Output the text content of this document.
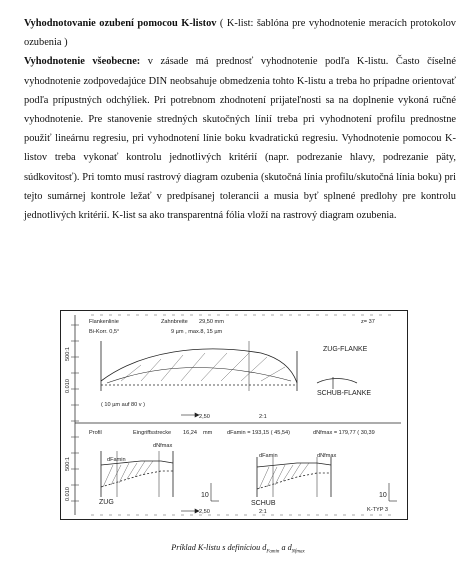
Vyhodnotovanie ozubení pomocou K-listov ( K-list: šablóna pre vyhodnotenie meracích protokolov ozubenia )

Vyhodnotenie všeobecne: v zásade má prednosť vyhodnotenie podľa K-listu. Často číselné vyhodnotenie zodpovedajúce DIN neobsahuje obmedzenia tohto K-listu a treba ho prípadne orientovať podľa prípustných odchýliek. Pri potrebnom zhodnotení prijateľnosti sa na doplnenie vykoná ručné vyhodnotenie. Pre stanovenie stredných skutočných línií treba pri vyhodnotení profilu prednostne použiť lineárnu regresiu, pri vyhodnotení línie boku kvadratickú regresiu. Vyhodnotenie pomocou K-listov treba vykonať kontrolu jednotlivých kritérií (napr. podrezanie hlavy, podrezanie päty, súdkovitosť). Pri tomto musí rastrový diagram ozubenia (skutočná línia profilu/skutočná línia boku) pri tejto sumárnej kontrole ležať v predpísanej tolerancii a musia byť splnené predlohy pre kontrolu jednotlivých kritérií. K-list sa ako transparentná fólia vloží na rastrový diagram ozubenia.

Flankenlinie	Zahnbreite 29,50 mm	z= 37
Bi-Korr. 0,5°	9 µm , max.8, 15 µm
ZUG-FLANKE
SCHUB-FLANKE
( 10 µm auf 80 v )
2,50	2:1
500:1
0.010
Profil	Eingriffsstrecke 16,24 mm	dFamin = 193,15 ( 45,54)	dNfmax = 179,77 ( 30,39
dFamin
dNfmax
dFamin	dNfmax
ZUG	SCHUB
K-TYP 3
2,50	2:1
10	10
500:1
0.010
Príklad K-listu s definíciou $d_{Famin}$ a $d_{Nfmax}$
